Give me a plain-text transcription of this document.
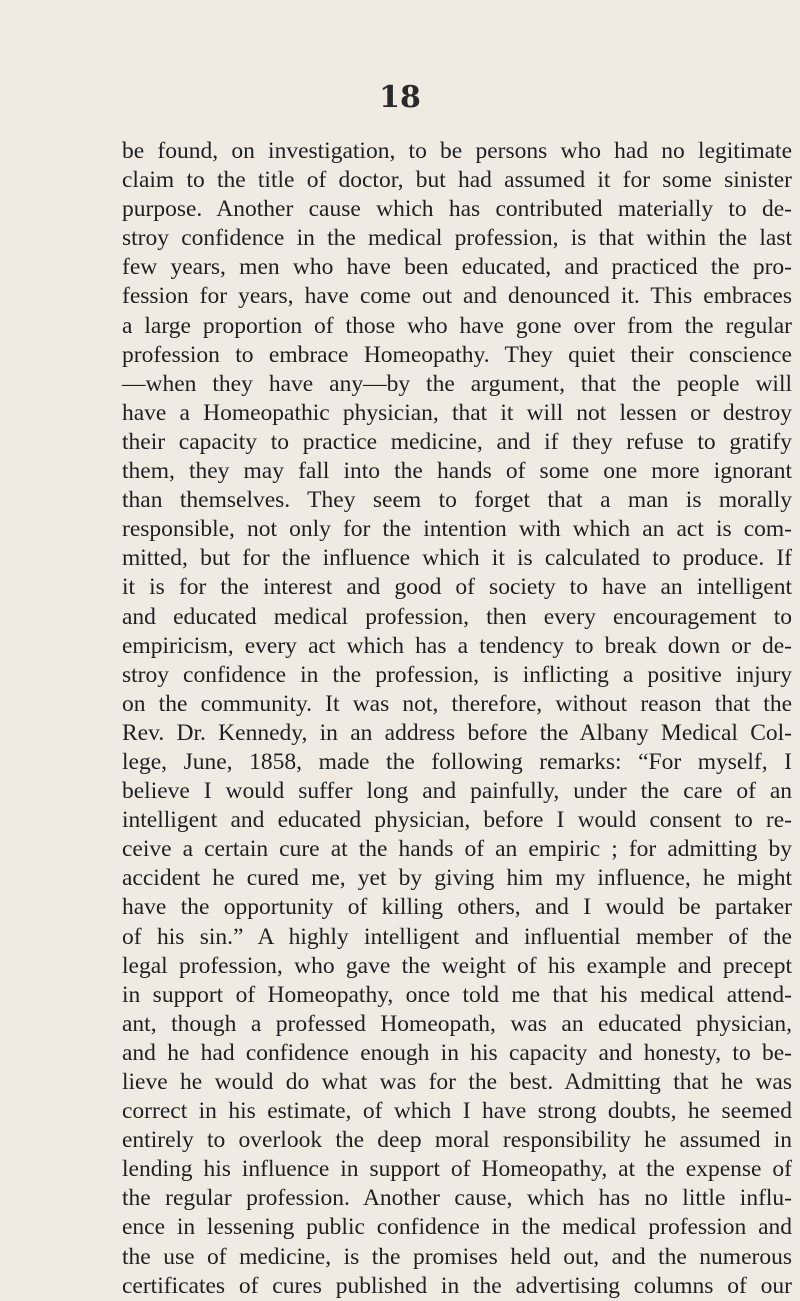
18
be found, on investigation, to be persons who had no legitimate
claim to the title of doctor, but had assumed it for some sinister
purpose. Another cause which has contributed materially to de-
stroy confidence in the medical profession, is that within the last
few years, men who have been educated, and practiced the pro-
fession for years, have come out and denounced it. This embraces
a large proportion of those who have gone over from the regular
profession to embrace Homeopathy. They quiet their conscience
—when they have any—by the argument, that the people will
have a Homeopathic physician, that it will not lessen or destroy
their capacity to practice medicine, and if they refuse to gratify
them, they may fall into the hands of some one more ignorant
than themselves. They seem to forget that a man is morally
responsible, not only for the intention with which an act is com-
mitted, but for the influence which it is calculated to produce. If
it is for the interest and good of society to have an intelligent
and educated medical profession, then every encouragement to
empiricism, every act which has a tendency to break down or de-
stroy confidence in the profession, is inflicting a positive injury
on the community. It was not, therefore, without reason that the
Rev. Dr. Kennedy, in an address before the Albany Medical Col-
lege, June, 1858, made the following remarks: “For myself, I
believe I would suffer long and painfully, under the care of an
intelligent and educated physician, before I would consent to re-
ceive a certain cure at the hands of an empiric ; for admitting by
accident he cured me, yet by giving him my influence, he might
have the opportunity of killing others, and I would be partaker
of his sin.” A highly intelligent and influential member of the
legal profession, who gave the weight of his example and precept
in support of Homeopathy, once told me that his medical attend-
ant, though a professed Homeopath, was an educated physician,
and he had confidence enough in his capacity and honesty, to be-
lieve he would do what was for the best. Admitting that he was
correct in his estimate, of which I have strong doubts, he seemed
entirely to overlook the deep moral responsibility he assumed in
lending his influence in support of Homeopathy, at the expense of
the regular profession. Another cause, which has no little influ-
ence in lessening public confidence in the medical profession and
the use of medicine, is the promises held out, and the numerous
certificates of cures published in the advertising columns of our
